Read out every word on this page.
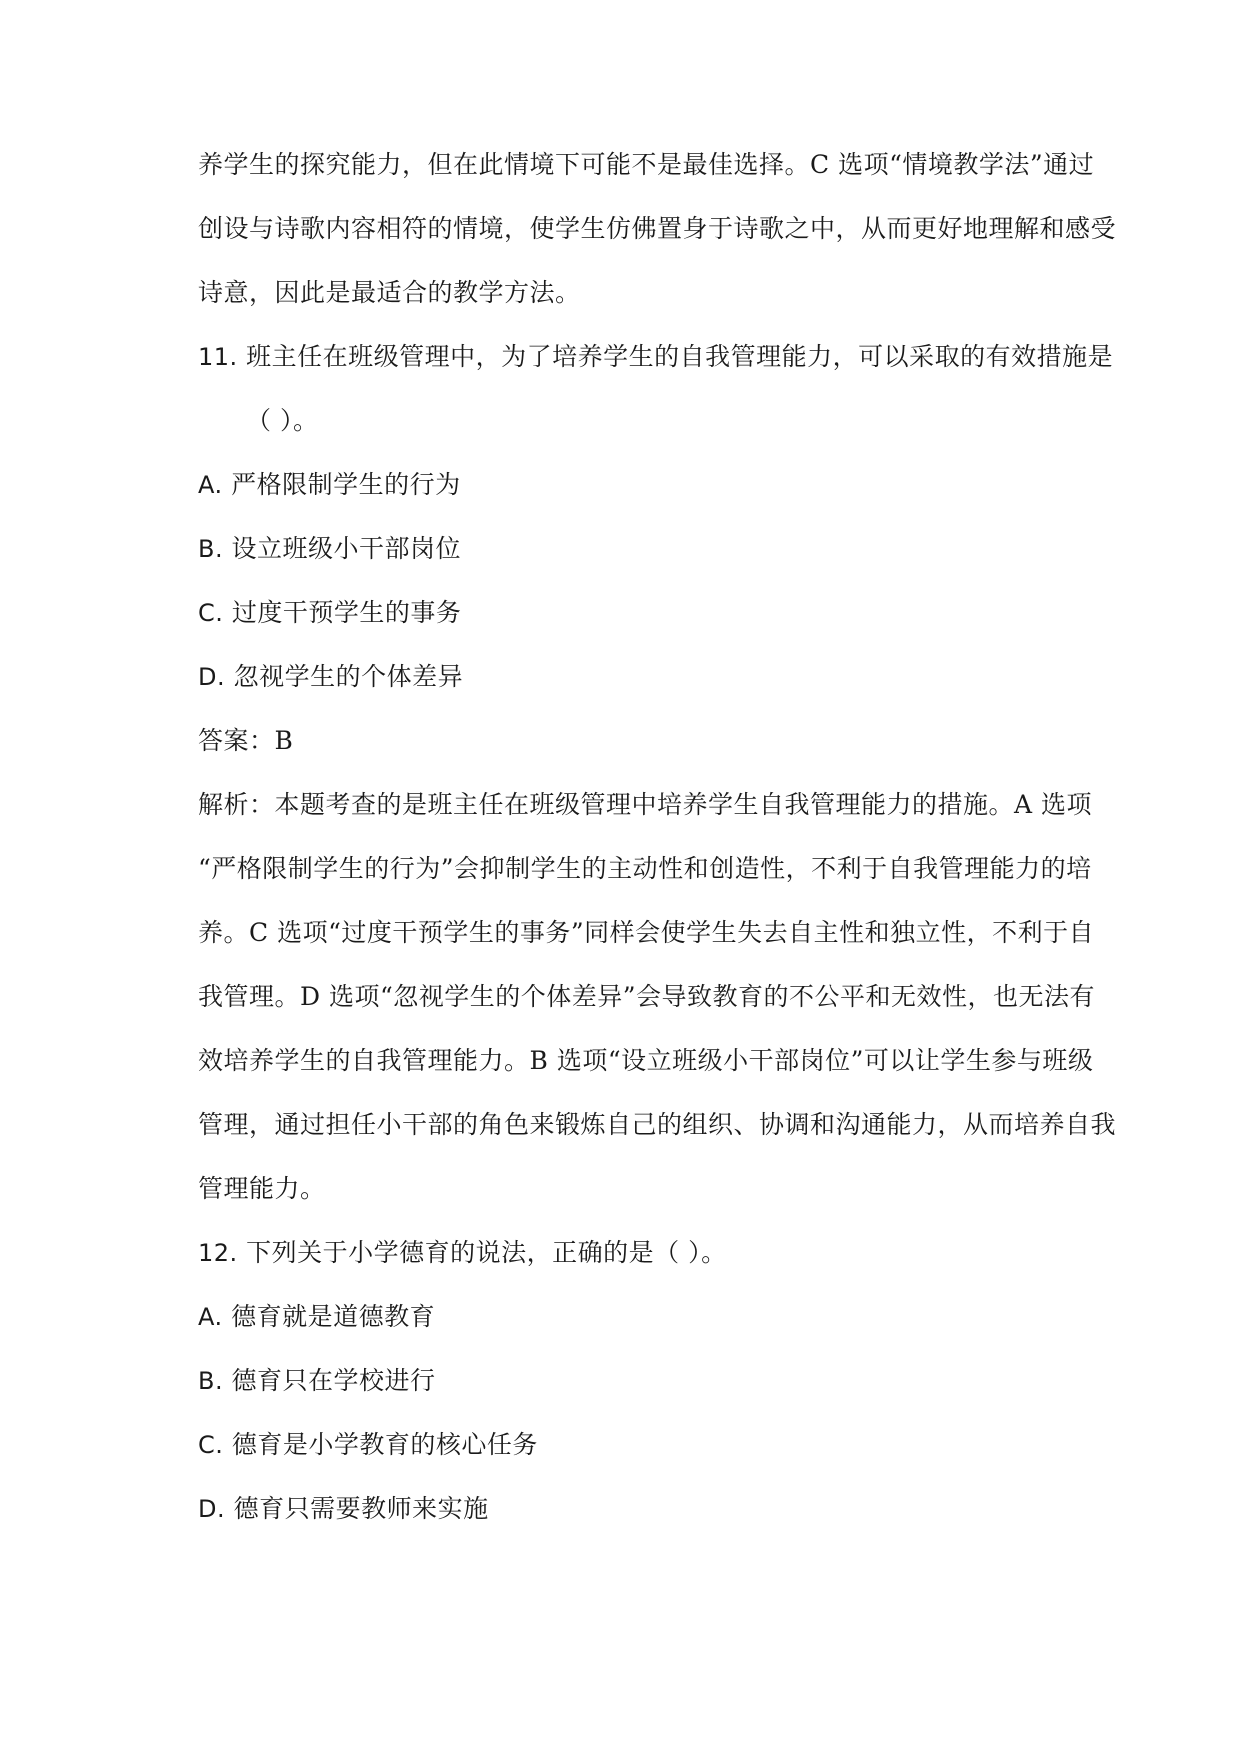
养学生的探究能力，但在此情境下可能不是最佳选择。C 选项“情境教学法”通过
创设与诗歌内容相符的情境，使学生仿佛置身于诗歌之中，从而更好地理解和感受
诗意，因此是最适合的教学方法。
11. 班主任在班级管理中，为了培养学生的自我管理能力，可以采取的有效措施是
（ ）。
A. 严格限制学生的行为
B. 设立班级小干部岗位
C. 过度干预学生的事务
D. 忽视学生的个体差异
答案：B
解析：本题考查的是班主任在班级管理中培养学生自我管理能力的措施。A 选项
“严格限制学生的行为”会抑制学生的主动性和创造性，不利于自我管理能力的培
养。C 选项“过度干预学生的事务”同样会使学生失去自主性和独立性，不利于自
我管理。D 选项“忽视学生的个体差异”会导致教育的不公平和无效性，也无法有
效培养学生的自我管理能力。B 选项“设立班级小干部岗位”可以让学生参与班级
管理，通过担任小干部的角色来锻炼自己的组织、协调和沟通能力，从而培养自我
管理能力。
12. 下列关于小学德育的说法，正确的是（ ）。
A. 德育就是道德教育
B. 德育只在学校进行
C. 德育是小学教育的核心任务
D. 德育只需要教师来实施
